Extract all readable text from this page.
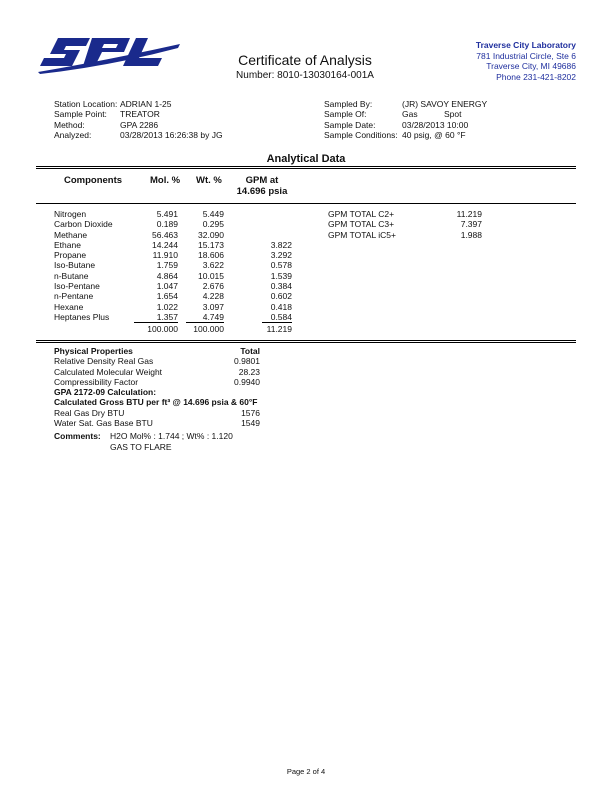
Certificate of Analysis
Number: 8010-13030164-001A
Traverse City Laboratory
781 Industrial Circle, Ste 6
Traverse City, MI 49686
Phone 231-421-8202
Station Location: ADRIAN 1-25
Sample Point:	TREATOR
Method:	GPA 2286
Analyzed:	03/28/2013 16:26:38 by JG
Sampled By:	(JR) SAVOY ENERGY
Sample Of:	Gas	Spot
Sample Date:	03/28/2013 10:00
Sample Conditions: 40 psig, @ 60 °F
Analytical Data
Components	Mol. % Wt. %	GPM at
14.696 psia
Nitrogen	5.491	5.449
Carbon Dioxide	0.189	0.295
Methane	56.463	32.090
Ethane	14.244	15.173	3.822
Propane	11.910	18.606	3.292
Iso-Butane	1.759	3.622	0.578
n-Butane	4.864	10.015	1.539
Iso-Pentane	1.047	2.676	0.384
n-Pentane	1.654	4.228	0.602
Hexane	1.022	3.097	0.418
Heptanes Plus	1.357	4.749	0.584
100.000	100.000	11.219
GPM TOTAL C2+	11.219
GPM TOTAL C3+	7.397
GPM TOTAL iC5+	1.988
Physical Properties	Total
Relative Density Real Gas	0.9801
Calculated Molecular Weight	28.23
Compressibility Factor	0.9940
GPA 2172-09 Calculation:
Calculated Gross BTU per ft³ @ 14.696 psia & 60°F
Real Gas Dry BTU	1576
Water Sat. Gas Base BTU	1549
Comments:	H2O Mol% : 1.744 ; Wt% : 1.120
GAS TO FLARE
Page 2 of 4
